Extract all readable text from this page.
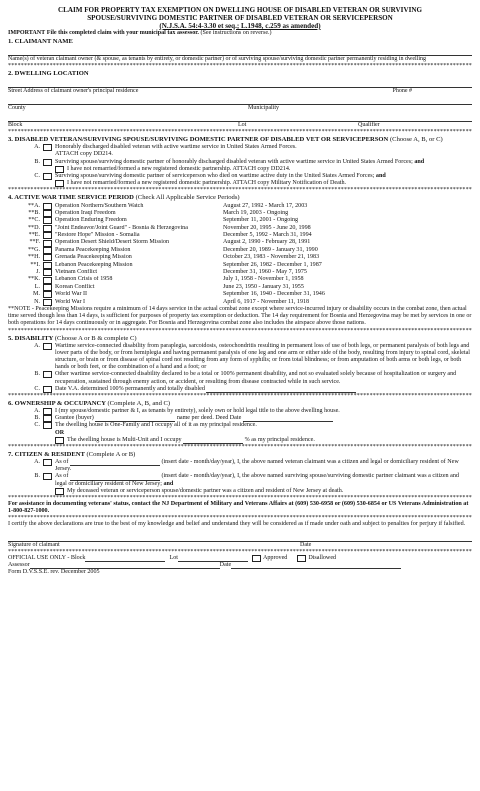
CLAIM FOR PROPERTY TAX EXEMPTION ON DWELLING HOUSE OF DISABLED VETERAN OR SURVIVING
SPOUSE/SURVIVING DOMESTIC PARTNER OF DISABLED VETERAN OR SERVICEPERSON
(N.J.S.A. 54:4-3.30 et seq.; L.1948, c.259 as amended)
IMPORTANT File this completed claim with your municipal tax assessor. (See instructions on reverse.)
1. CLAIMANT NAME
Name(s) of veteran claimant owner (& spouse, as tenants by entirety, or domestic partner) or of surviving spouse/surviving domestic partner permanently residing in dwelling
*****
2. DWELLING LOCATION
Street Address of claimant owner's principal residence	Phone #
County	Municipality
Block	Lot	Qualifier
*****
3. DISABLED VETERAN/SURVIVING SPOUSE/SURVIVING DOMESTIC PARTNER OF DISABLED VET OR SERVICEPERSON (Choose A, B, or C)
A.	Honorably discharged disabled veteran with active wartime service in United States Armed Forces.
ATTACH copy DD214.
B.	Surviving spouse/surviving domestic partner of honorably discharged disabled veteran with active wartime service in United States Armed Forces; and
I have not remarried/formed a new registered domestic partnership. ATTACH copy DD214.
C.	Surviving spouse/surviving domestic partner of serviceperson who died on wartime active duty in the United States Armed Forces; and
I have not remarried/formed a new registered domestic partnership. ATTACH copy Military Notification of Death.
*****
4. ACTIVE WAR TIME SERVICE PERIOD (Check All Applicable Service Periods)
**A.	Operation Northern/Southern Watch	August 27, 1992 - March 17, 2003
**B.	Operation Iraqi Freedom	March 19, 2003 - Ongoing
**C.	Operation Enduring Freedom	September 11, 2001 - Ongoing
**D.	"Joint Endeavor/Joint Guard" - Bosnia & Herzegovina	November 20, 1995 - June 20, 1998
**E.	"Restore Hope" Mission - Somalia	December 5, 1992 - March 31, 1994
**F.	Operation Desert Shield/Desert Storm Mission	August 2, 1990 - February 28, 1991
**G.	Panama Peacekeeping Mission	December 20, 1989 - January 31, 1990
**H.	Grenada Peacekeeping Mission	October 23, 1983 - November 21, 1983
**I.	Lebanon Peacekeeping Mission	September 26, 1982 - December 1, 1987
J.	Vietnam Conflict	December 31, 1960 - May 7, 1975
**K.	Lebanon Crisis of 1958	July 1, 1958 - November 1, 1958
L.	Korean Conflict	June 23, 1950 - January 31, 1955
M.	World War II	September 16, 1940 - December 31, 1946
N.	World War I	April 6, 1917 - November 11, 1918
**NOTE - Peacekeeping Missions require a minimum of 14 days service in the actual combat zone except where service-incurred injury or disability occurs in the combat zone, then actual time served though less than 14 days, is sufficient for purposes of property tax exemption or deduction. The 14 day requirement for Bosnia and Herzegovina may be met by services in one or both operations for 14 days continuously or in aggregate. For Bosnia and Herzegovina combat zone also includes the airspace above those nations.
*****
5. DISABILITY (Choose A or B & complete C)
A.	Wartime service-connected disability from paraplegia, sarcoidosis, osteochondritis resulting in permanent loss of use of both legs, or permanent paralysis of both legs and lower parts of the body, or from hemiplegia and having permanent paralysis of one leg and one arm or either side of the body, resulting from injury to spinal cord, skeletal structure, or brain or from disease of spinal cord not resulting from any form of syphilis; or from total blindness; or from amputation of both arms or both legs, or both hands or both feet, or the combination of a hand and a foot; or
B.	Other wartime service-connected disability declared to be a total or 100% permanent disability, and not so evaluated solely because of hospitalization or surgery and recuperation, sustained through enemy action, or accident, or resulting from disease contracted while in such service.
C.	Date V.A. determined 100% permanently and totally disabled
*****
6. OWNERSHIP & OCCUPANCY (Complete A, B, and C)
A.	I (my spouse/domestic partner & I, as tenants by entirety), solely own or hold legal title to the above dwelling house.
B.	Grantee (buyer)	name per deed. Deed Date
C.	The dwelling house is One-Family and I occupy all of it as my principal residence.
OR
The dwelling house is Multi-Unit and I occupy	% as my principal residence.
*****
7. CITIZEN & RESIDENT (Complete A or B)
A.	As of	(insert date - month/day/year), I, the above named veteran claimant was a citizen and legal or domiciliary resident of New Jersey.
B.	As of	(insert date - month/day/year), I, the above named surviving spouse/surviving domestic partner claimant was a citizen and legal or domiciliary resident of New Jersey; and
My deceased veteran or serviceperson spouse/domestic partner was a citizen and resident of New Jersey at death.
*****
For assistance in documenting veterans' status, contact the NJ Department of Military and Veterans Affairs at (609) 530-6958 or (609) 530-6854 or US Veterans Administration at 1-800-827-1000.
*****
I certify the above declarations are true to the best of my knowledge and belief and understand they will be considered as if made under oath and subject to penalties for perjury if falsified.
Signature of claimant	Date
*****
OFFICIAL USE ONLY - Block	Lot	Approved	Disallowed
Assessor	Date
Form D.V.S.S.E. rev. December 2005
